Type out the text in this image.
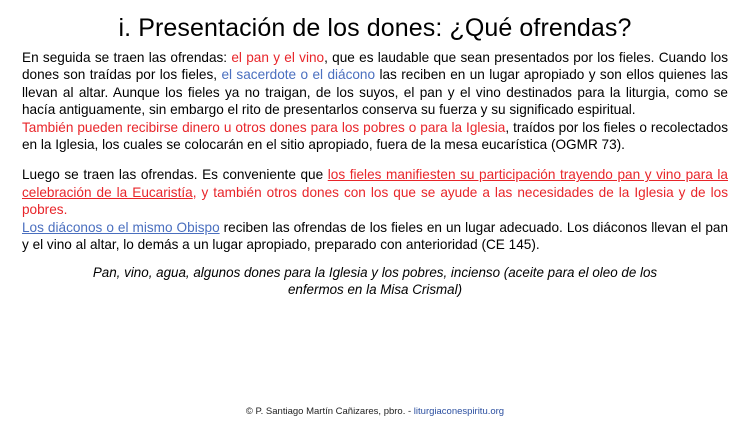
i. Presentación de los dones: ¿Qué ofrendas?

En seguida se traen las ofrendas: el pan y el vino, que es laudable que sean presentados por los fieles. Cuando los dones son traídas por los fieles, el sacerdote o el diácono las reciben en un lugar apropiado y son ellos quienes las llevan al altar. Aunque los fieles ya no traigan, de los suyos, el pan y el vino destinados para la liturgia, como se hacía antiguamente, sin embargo el rito de presentarlos conserva su fuerza y su significado espiritual.

También pueden recibirse dinero u otros dones para los pobres o para la Iglesia, traídos por los fieles o recolectados en la Iglesia, los cuales se colocarán en el sitio apropiado, fuera de la mesa eucarística (OGMR 73).

Luego se traen las ofrendas. Es conveniente que los fieles manifiesten su participación trayendo pan y vino para la celebración de la Eucaristía, y también otros dones con los que se ayude a las necesidades de la Iglesia y de los pobres.

Los diáconos o el mismo Obispo reciben las ofrendas de los fieles en un lugar adecuado. Los diáconos llevan el pan y el vino al altar, lo demás a un lugar apropiado, preparado con anterioridad (CE 145).

Pan, vino, agua, algunos dones para la Iglesia y los pobres, incienso (aceite para el oleo de los enfermos en la Misa Crismal)

© P. Santiago Martín Cañizares, pbro. - liturgiaconespiritu.org
